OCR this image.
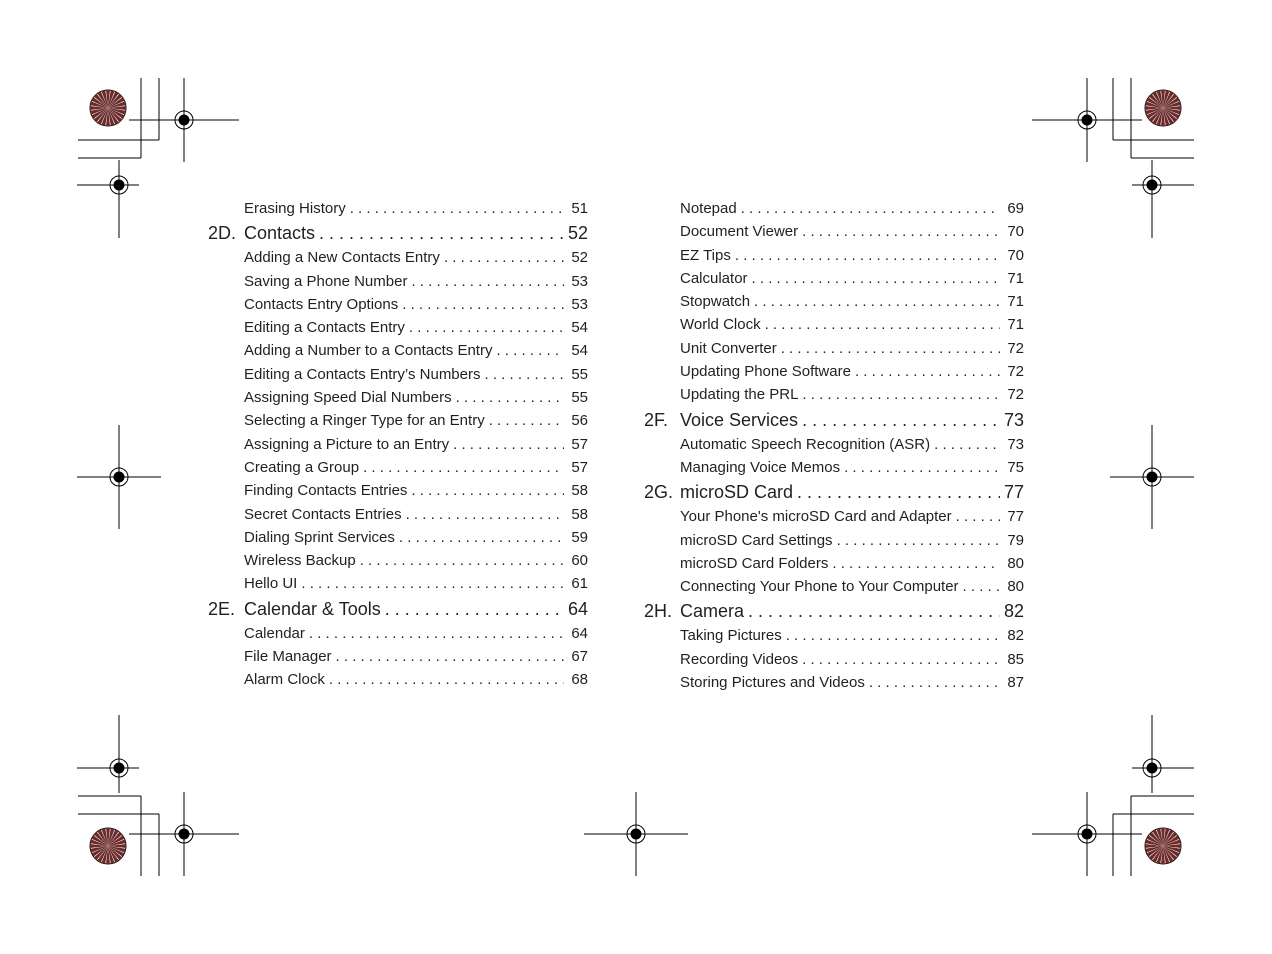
Erasing History . . .	51
2D. Contacts . . .	52
Adding a New Contacts Entry . . .	52
Saving a Phone Number . . .	53
Contacts Entry Options . . .	53
Editing a Contacts Entry . . .	54
Adding a Number to a Contacts Entry . . .	54
Editing a Contacts Entry’s Numbers . . .	55
Assigning Speed Dial Numbers . . .	55
Selecting a Ringer Type for an Entry . . .	56
Assigning a Picture to an Entry . . .	57
Creating a Group . . .	57
Finding Contacts Entries . . .	58
Secret Contacts Entries . . .	58
Dialing Sprint Services . . .	59
Wireless Backup . . .	60
Hello UI . . .	61
2E. Calendar & Tools . . .	64
Calendar . . .	64
File Manager . . .	67
Alarm Clock . . .	68
Notepad . . .	69
Document Viewer . . .	70
EZ Tips . . .	70
Calculator . . .	71
Stopwatch . . .	71
World Clock . . .	71
Unit Converter . . .	72
Updating Phone Software . . .	72
Updating the PRL . . .	72
2F. Voice Services . . .	73
Automatic Speech Recognition (ASR) . . .	73
Managing Voice Memos . . .	75
2G. microSD Card . . .	77
Your Phone's microSD Card and Adapter . . .	77
microSD Card Settings . . .	79
microSD Card Folders . . .	80
Connecting Your Phone to Your Computer . . .	80
2H. Camera . . .	82
Taking Pictures . . .	82
Recording Videos . . .	85
Storing Pictures and Videos . . .	87
